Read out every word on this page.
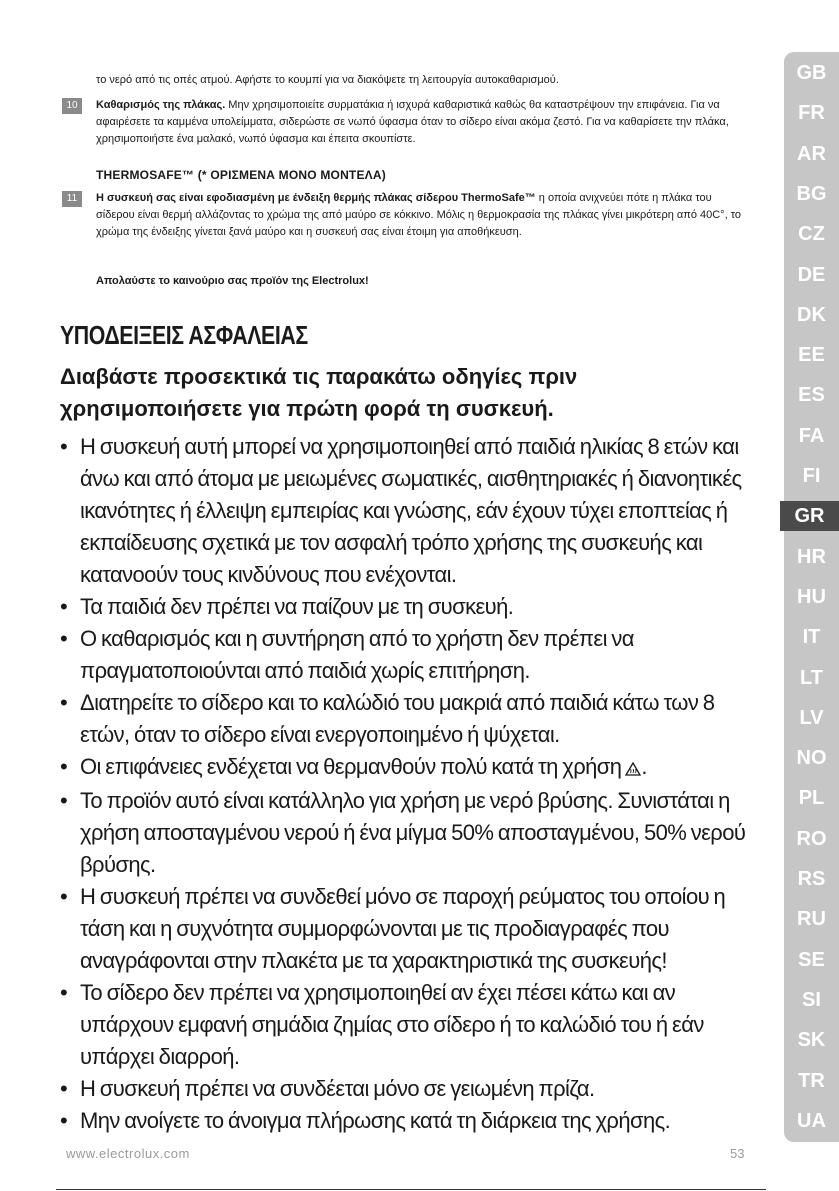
το νερό από τις οπές ατμού. Αφήστε το κουμπί για να διακόψετε τη λειτουργία αυτοκαθαρισμού.
10	Καθαρισμός της πλάκας. Μην χρησιμοποιείτε συρματάκια ή ισχυρά καθαριστικά καθώς θα καταστρέψουν την επιφάνεια. Για να αφαιρέσετε τα καμμένα υπολείμματα, σιδερώστε σε νωπό ύφασμα όταν το σίδερο είναι ακόμα ζεστό. Για να καθαρίσετε την πλάκα, χρησιμοποιήστε ένα μαλακό, νωπό ύφασμα και έπειτα σκουπίστε.
THERMOSAFE™ (* ΟΡΙΣΜΕΝΑ ΜΟΝΟ ΜΟΝΤΕΛΑ)
11	Η συσκευή σας είναι εφοδιασμένη με ένδειξη θερμής πλάκας σίδερου ThermoSafe™ η οποία ανιχνεύει πότε η πλάκα του σίδερου είναι θερμή αλλάζοντας το χρώμα της από μαύρο σε κόκκινο. Μόλις η θερμοκρασία της πλάκας γίνει μικρότερη από 40C°, το χρώμα της ένδειξης γίνεται ξανά μαύρο και η συσκευή σας είναι έτοιμη για αποθήκευση.
Απολαύστε το καινούριο σας προϊόν της Electrolux!
ΥΠΟΔΕΙΞΕΙΣ ΑΣΦΑΛΕΙΑΣ
Διαβάστε προσεκτικά τις παρακάτω οδηγίες πριν χρησιμοποιήσετε για πρώτη φορά τη συσκευή.
• Η συσκευή αυτή μπορεί να χρησιμοποιηθεί από παιδιά ηλικίας 8 ετών και άνω και από άτομα με μειωμένες σωματικές, αισθητηριακές ή διανοητικές ικανότητες ή έλλειψη εμπειρίας και γνώσης, εάν έχουν τύχει εποπτείας ή εκπαίδευσης σχετικά με τον ασφαλή τρόπο χρήσης της συσκευής και κατανοούν τους κινδύνους που ενέχονται.
• Τα παιδιά δεν πρέπει να παίζουν με τη συσκευή.
• Ο καθαρισμός και η συντήρηση από το χρήστη δεν πρέπει να πραγματοποιούνται από παιδιά χωρίς επιτήρηση.
• Διατηρείτε το σίδερο και το καλώδιό του μακριά από παιδιά κάτω των 8 ετών, όταν το σίδερο είναι ενεργοποιημένο ή ψύχεται.
• Οι επιφάνειες ενδέχεται να θερμανθούν πολύ κατά τη χρήση .
• Το προϊόν αυτό είναι κατάλληλο για χρήση με νερό βρύσης. Συνιστάται η χρήση αποσταγμένου νερού ή ένα μίγμα 50% αποσταγμένου, 50% νερού βρύσης.
• Η συσκευή πρέπει να συνδεθεί μόνο σε παροχή ρεύματος του οποίου η τάση και η συχνότητα συμμορφώνονται με τις προδιαγραφές που αναγράφονται στην πλακέτα με τα χαρακτηριστικά της συσκευής!
• Το σίδερο δεν πρέπει να χρησιμοποιηθεί αν έχει πέσει κάτω και αν υπάρχουν εμφανή σημάδια ζημίας στο σίδερο ή το καλώδιό του ή εάν υπάρχει διαρροή.
• Η συσκευή πρέπει να συνδέεται μόνο σε γειωμένη πρίζα.
• Μην ανοίγετε το άνοιγμα πλήρωσης κατά τη διάρκεια της χρήσης.
GB
FR
AR
BG
CZ
DE
DK
EE
ES
FA
FI
GR
HR
HU
IT
LT
LV
NO
PL
RO
RS
RU
SE
SI
SK
TR
UA
www.electrolux.com	53
